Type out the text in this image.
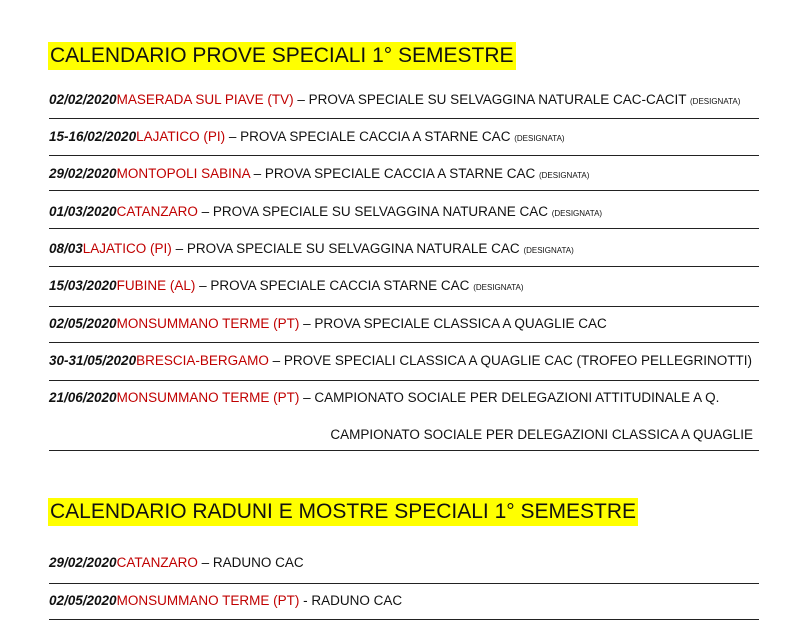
CALENDARIO PROVE SPECIALI 1° SEMESTRE
02/02/2020MASERADA SUL PIAVE (TV) – PROVA SPECIALE SU SELVAGGINA NATURALE CAC-CACIT (DESIGNATA)
15-16/02/2020LAJATICO (PI) – PROVA SPECIALE CACCIA A STARNE CAC (DESIGNATA)
29/02/2020MONTOPOLI SABINA – PROVA SPECIALE CACCIA A STARNE CAC (DESIGNATA)
01/03/2020CATANZARO – PROVA SPECIALE SU SELVAGGINA NATURANE CAC (DESIGNATA)
08/03LAJATICO (PI) – PROVA SPECIALE SU SELVAGGINA NATURALE CAC (DESIGNATA)
15/03/2020FUBINE (AL) – PROVA SPECIALE CACCIA STARNE CAC (DESIGNATA)
02/05/2020MONSUMMANO TERME (PT) – PROVA SPECIALE CLASSICA A QUAGLIE CAC
30-31/05/2020BRESCIA-BERGAMO – PROVE SPECIALI CLASSICA A QUAGLIE CAC (TROFEO PELLEGRINOTTI)
21/06/2020MONSUMMANO TERME (PT) – CAMPIONATO SOCIALE PER DELEGAZIONI ATTITUDINALE A Q.
CAMPIONATO SOCIALE PER DELEGAZIONI CLASSICA A QUAGLIE
CALENDARIO RADUNI E MOSTRE SPECIALI 1° SEMESTRE
29/02/2020CATANZARO – RADUNO CAC
02/05/2020MONSUMMANO TERME (PT) - RADUNO CAC
